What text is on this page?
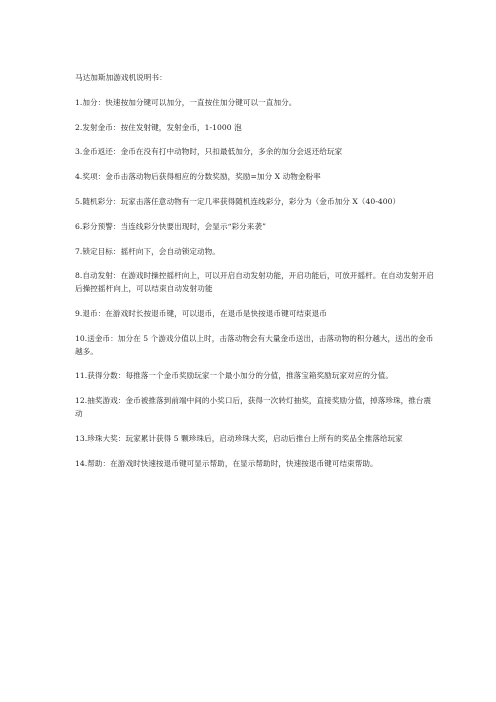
马达加斯加游戏机说明书：

1.加分：快速按加分键可以加分，一直按住加分键可以一直加分。

2.发射金币：按住发射键，发射金币，1-1000 泡

3.金币返还：金币在没有打中动物时，只扣最低加分，多余的加分会返还给玩家

4.奖项：金币击落动物后获得相应的分数奖励，奖励=加分 X 动物金粉率

5.随机彩分：玩家击落任意动物有一定几率获得随机连线彩分，彩分为（金币加分 X（40-400）

6.彩分预警：当连线彩分快要出现时，会显示“彩分来袭”

7.锁定目标：摇杆向下，会自动锁定动物。

8.自动发射：在游戏时操控摇杆向上，可以开启自动发射功能，开启功能后，可放开摇杆。在自动发射开启后操控摇杆向上，可以结束自动发射功能

9.退币：在游戏时长按退币键，可以退币，在退币是快按退币键可结束退币

10.送金币：加分在 5 个游戏分值以上时，击落动物会有大量金币送出，击落动物的积分越大，送出的金币越多。

11.获得分数：每推落一个金币奖励玩家一个最小加分的分值，推落宝箱奖励玩家对应的分值。

12.抽奖游戏：金币被推落到前端中间的小奖口后，获得一次转灯抽奖，直接奖励分值，掉落珍珠，推台震动

13.珍珠大奖：玩家累计获得 5 颗珍珠后，启动珍珠大奖，启动后推台上所有的奖品全推落给玩家

14.帮助：在游戏时快速按退币键可显示帮助，在显示帮助时，快速按退币键可结束帮助。
